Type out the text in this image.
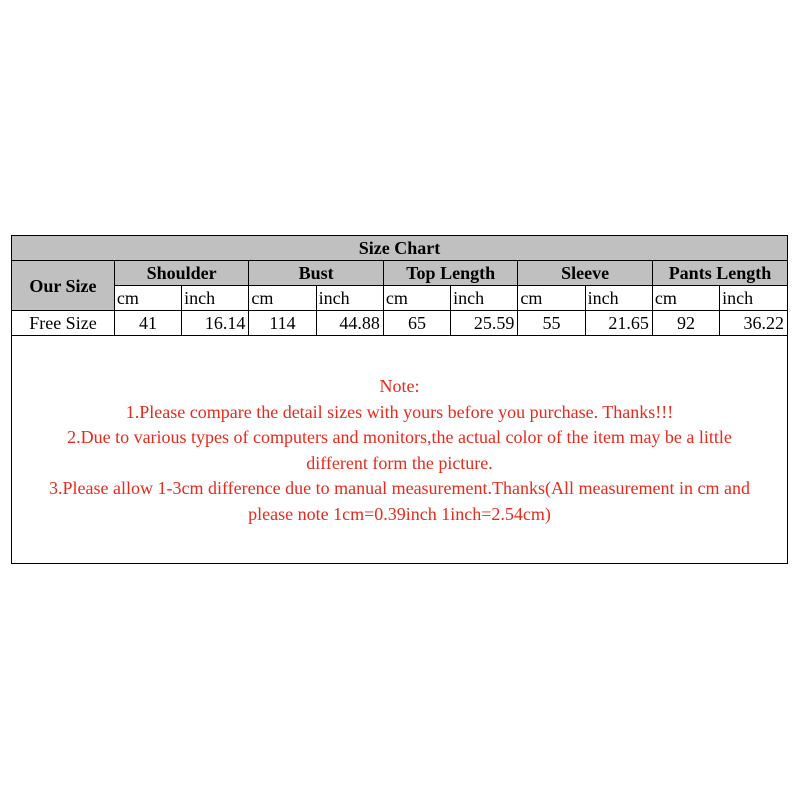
Size Chart										
Our Size	Shoulder		Bust		Top Length		Sleeve		Pants Length	
	cm	inch	cm	inch	cm	inch	cm	inch	cm	inch
Free Size	41	16.14	114	44.88	65	25.59	55	21.65	92	36.22
Note:
1.Please compare the detail sizes with yours before you purchase. Thanks!!!
2.Due to various types of computers and monitors,the actual color of the item may be a little
different form the picture.
3.Please allow 1-3cm difference due to manual measurement.Thanks(All measurement in cm and
please note 1cm=0.39inch 1inch=2.54cm)
